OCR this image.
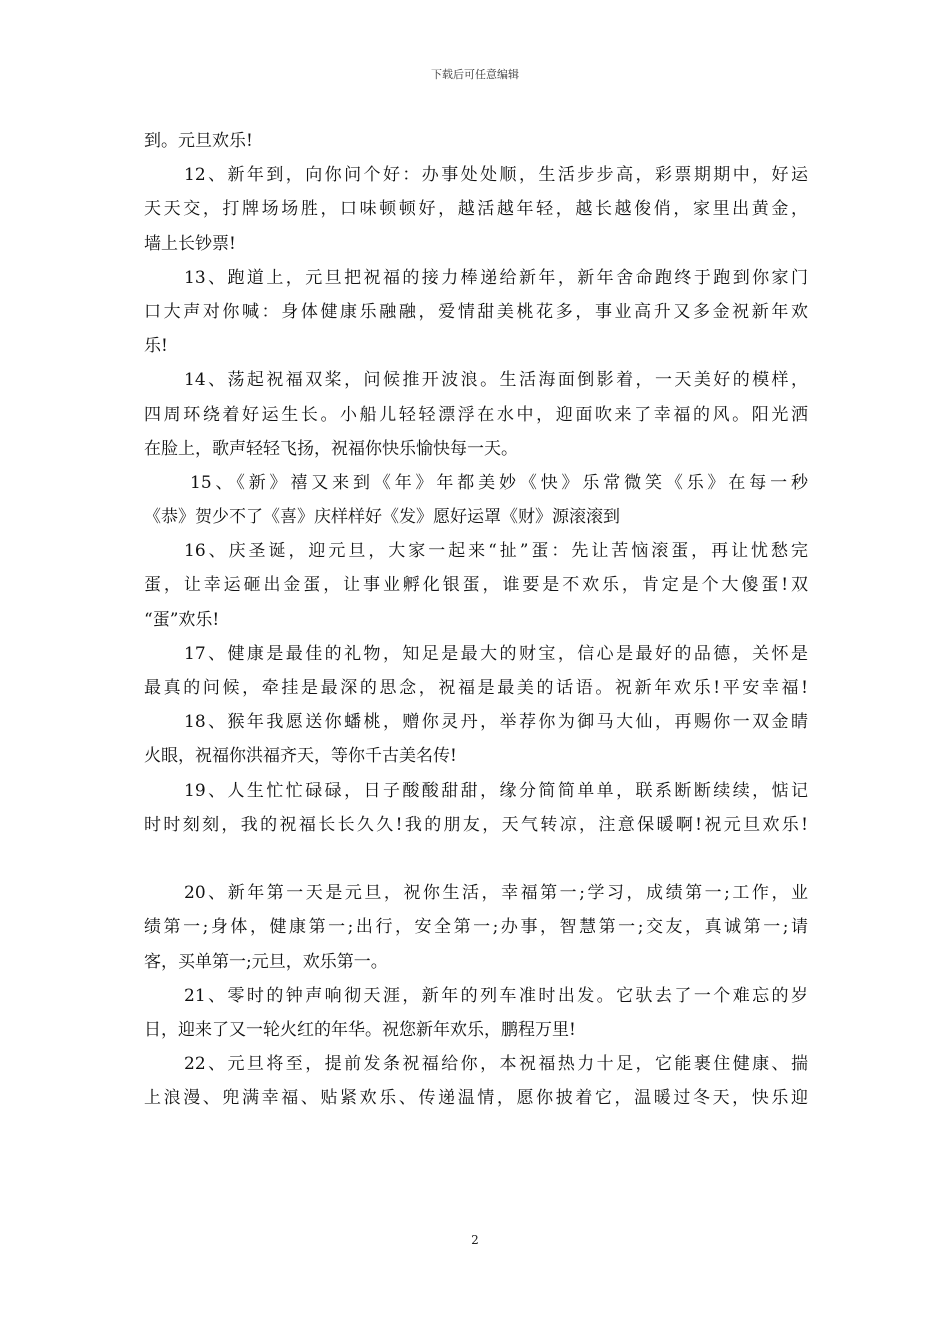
下载后可任意编辑
到。元旦欢乐!
12、新年到，向你问个好：办事处处顺，生活步步高，彩票期期中，好运
天天交，打牌场场胜，口味顿顿好，越活越年轻，越长越俊俏，家里出黄金，
墙上长钞票!
13、跑道上，元旦把祝福的接力棒递给新年，新年舍命跑终于跑到你家门
口大声对你喊：身体健康乐融融，爱情甜美桃花多，事业高升又多金祝新年欢
乐!
14、荡起祝福双桨，问候推开波浪。生活海面倒影着，一天美好的模样，
四周环绕着好运生长。小船儿轻轻漂浮在水中，迎面吹来了幸福的风。阳光洒
在脸上，歌声轻轻飞扬，祝福你快乐愉快每一天。
15、《新》禧又来到《年》年都美妙《快》乐常微笑《乐》在每一秒
《恭》贺少不了《喜》庆样样好《发》愿好运罩《财》源滚滚到
16、庆圣诞，迎元旦，大家一起来“扯”蛋：先让苦恼滚蛋，再让忧愁完
蛋，让幸运砸出金蛋，让事业孵化银蛋，谁要是不欢乐，肯定是个大傻蛋!双
“蛋”欢乐!
17、健康是最佳的礼物，知足是最大的财宝，信心是最好的品德，关怀是
最真的问候，牵挂是最深的思念，祝福是最美的话语。祝新年欢乐!平安幸福!
18、猴年我愿送你蟠桃，赠你灵丹，举荐你为御马大仙，再赐你一双金睛
火眼，祝福你洪福齐天，等你千古美名传!
19、人生忙忙碌碌，日子酸酸甜甜，缘分简简单单，联系断断续续，惦记
时时刻刻，我的祝福长长久久!我的朋友，天气转凉，注意保暖啊!祝元旦欢乐!
20、新年第一天是元旦，祝你生活，幸福第一;学习，成绩第一;工作，业
绩第一;身体，健康第一;出行，安全第一;办事，智慧第一;交友，真诚第一;请
客，买单第一;元旦，欢乐第一。
21、零时的钟声响彻天涯，新年的列车准时出发。它驮去了一个难忘的岁
日，迎来了又一轮火红的年华。祝您新年欢乐，鹏程万里!
22、元旦将至，提前发条祝福给你，本祝福热力十足，它能裹住健康、揣
上浪漫、兜满幸福、贴紧欢乐、传递温情，愿你披着它，温暖过冬天，快乐迎
2
